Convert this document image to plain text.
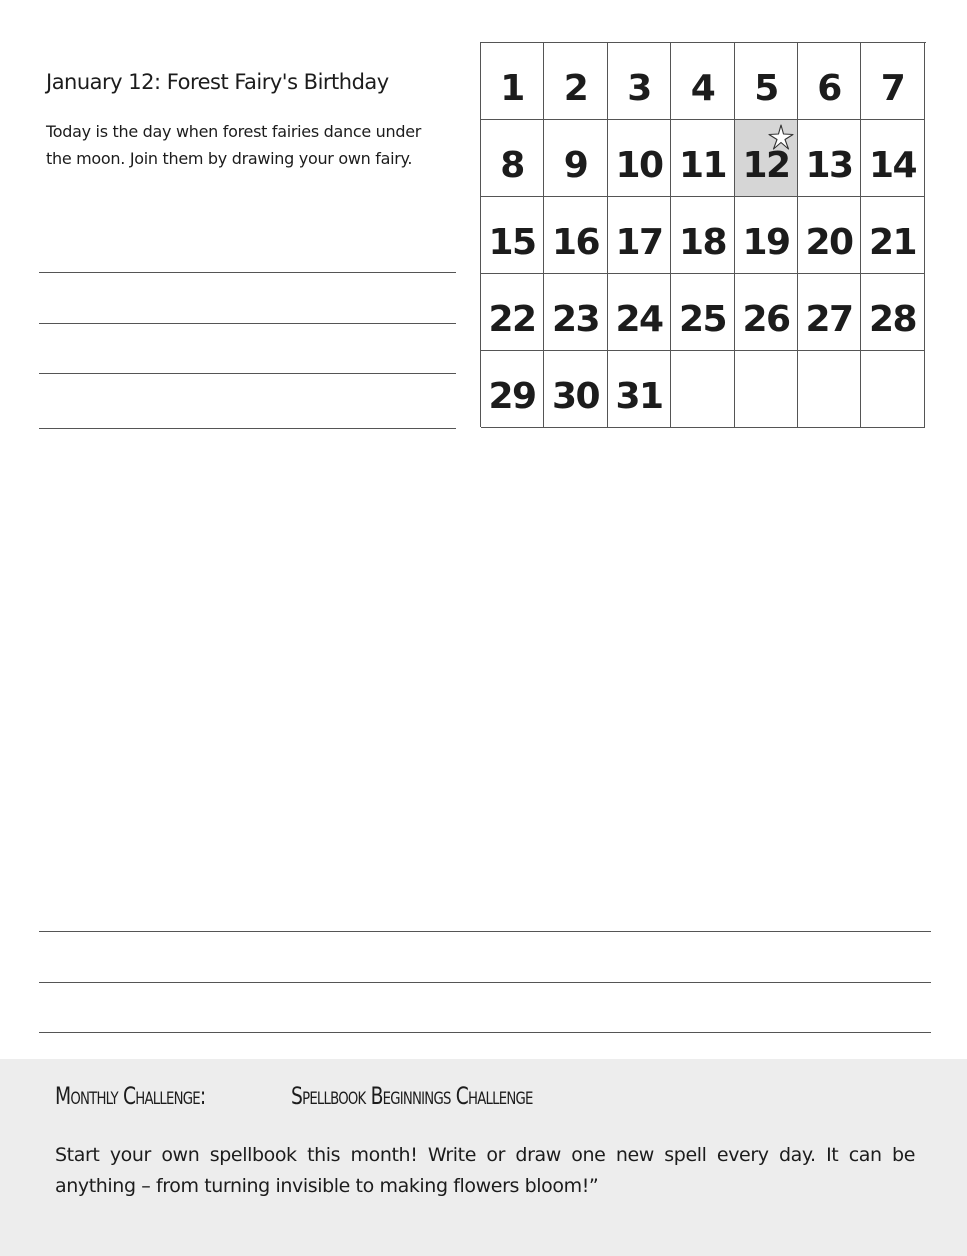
January 12: Forest Fairy's Birthday
Today is the day when forest fairies dance under the moon. Join them by drawing your own fairy.
1 2 3 4 5 6 7
8 9 10 11 12 13 14
15 16 17 18 19 20 21
22 23 24 25 26 27 28
29 30 31
Monthly Challenge:	Spellbook Beginnings Challenge
Start your own spellbook this month! Write or draw one new spell every day. It can be anything – from turning invisible to making flowers bloom!”
